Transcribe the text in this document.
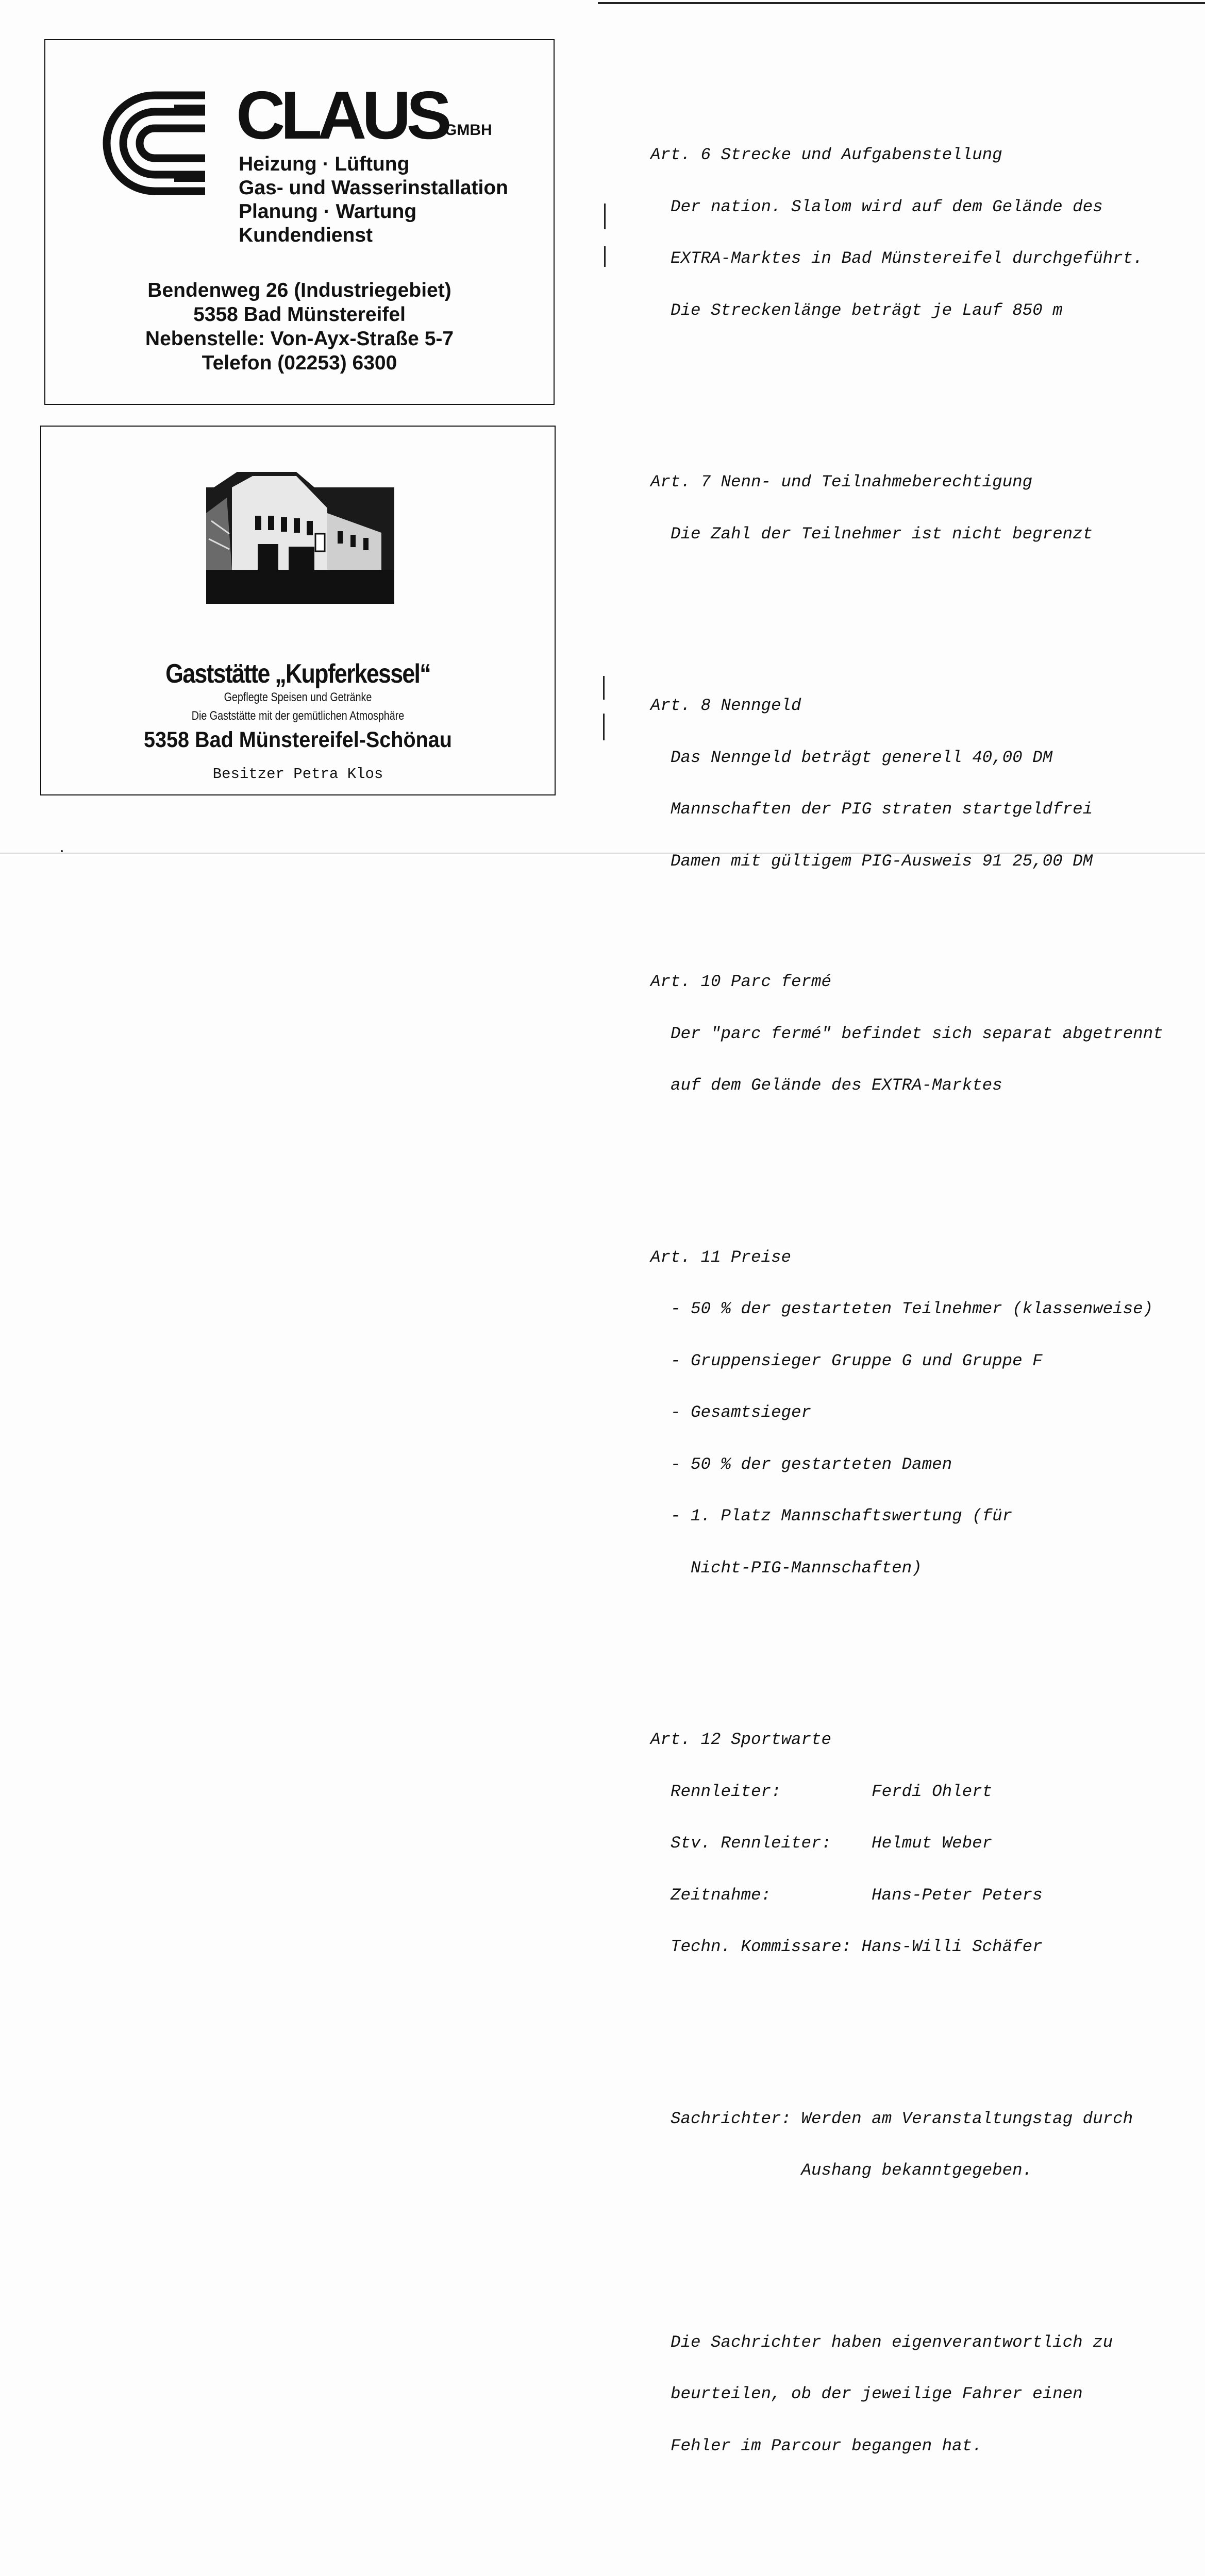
CLAUS
GMBH
Heizung · Lüftung
Gas- und Wasserinstallation
Planung · Wartung
Kundendienst
Bendenweg 26 (Industriegebiet)
5358 Bad Münstereifel
Nebenstelle: Von-Ayx-Straße 5-7
Telefon (02253) 6300
Gaststätte „Kupferkessel“
Gepflegte Speisen und Getränke
Die Gaststätte mit der gemütlichen Atmosphäre
5358 Bad Münstereifel-Schönau
Besitzer Petra Klos

Art. 6 Strecke und Aufgabenstellung

Der nation. Slalom wird auf dem Gelände des

EXTRA-Marktes in Bad Münstereifel durchgeführt.

Die Streckenlänge beträgt je Lauf 850 m

Art. 7 Nenn- und Teilnahmeberechtigung

Die Zahl der Teilnehmer ist nicht begrenzt

Art. 8 Nenngeld

Das Nenngeld beträgt generell 40,00 DM

Mannschaften der PIG straten startgeldfrei

Damen mit gültigem PIG-Ausweis 91 25,00 DM

Art. 10 Parc fermé

Der "parc fermé" befindet sich separat abgetrennt

auf dem Gelände des EXTRA-Marktes

Art. 11 Preise

- 50 % der gestarteten Teilnehmer (klassenweise)

- Gruppensieger Gruppe G und Gruppe F

- Gesamtsieger

- 50 % der gestarteten Damen

- 1. Platz Mannschaftswertung (für

Nicht-PIG-Mannschaften)

Art. 12 Sportwarte

Rennleiter:         Ferdi Ohlert

Stv. Rennleiter:    Helmut Weber

Zeitnahme:          Hans-Peter Peters

Techn. Kommissare: Hans-Willi Schäfer

Sachrichter: Werden am Veranstaltungstag durch

Aushang bekanntgegeben.

Die Sachrichter haben eigenverantwortlich zu

beurteilen, ob der jeweilige Fahrer einen

Fehler im Parcour begangen hat.
